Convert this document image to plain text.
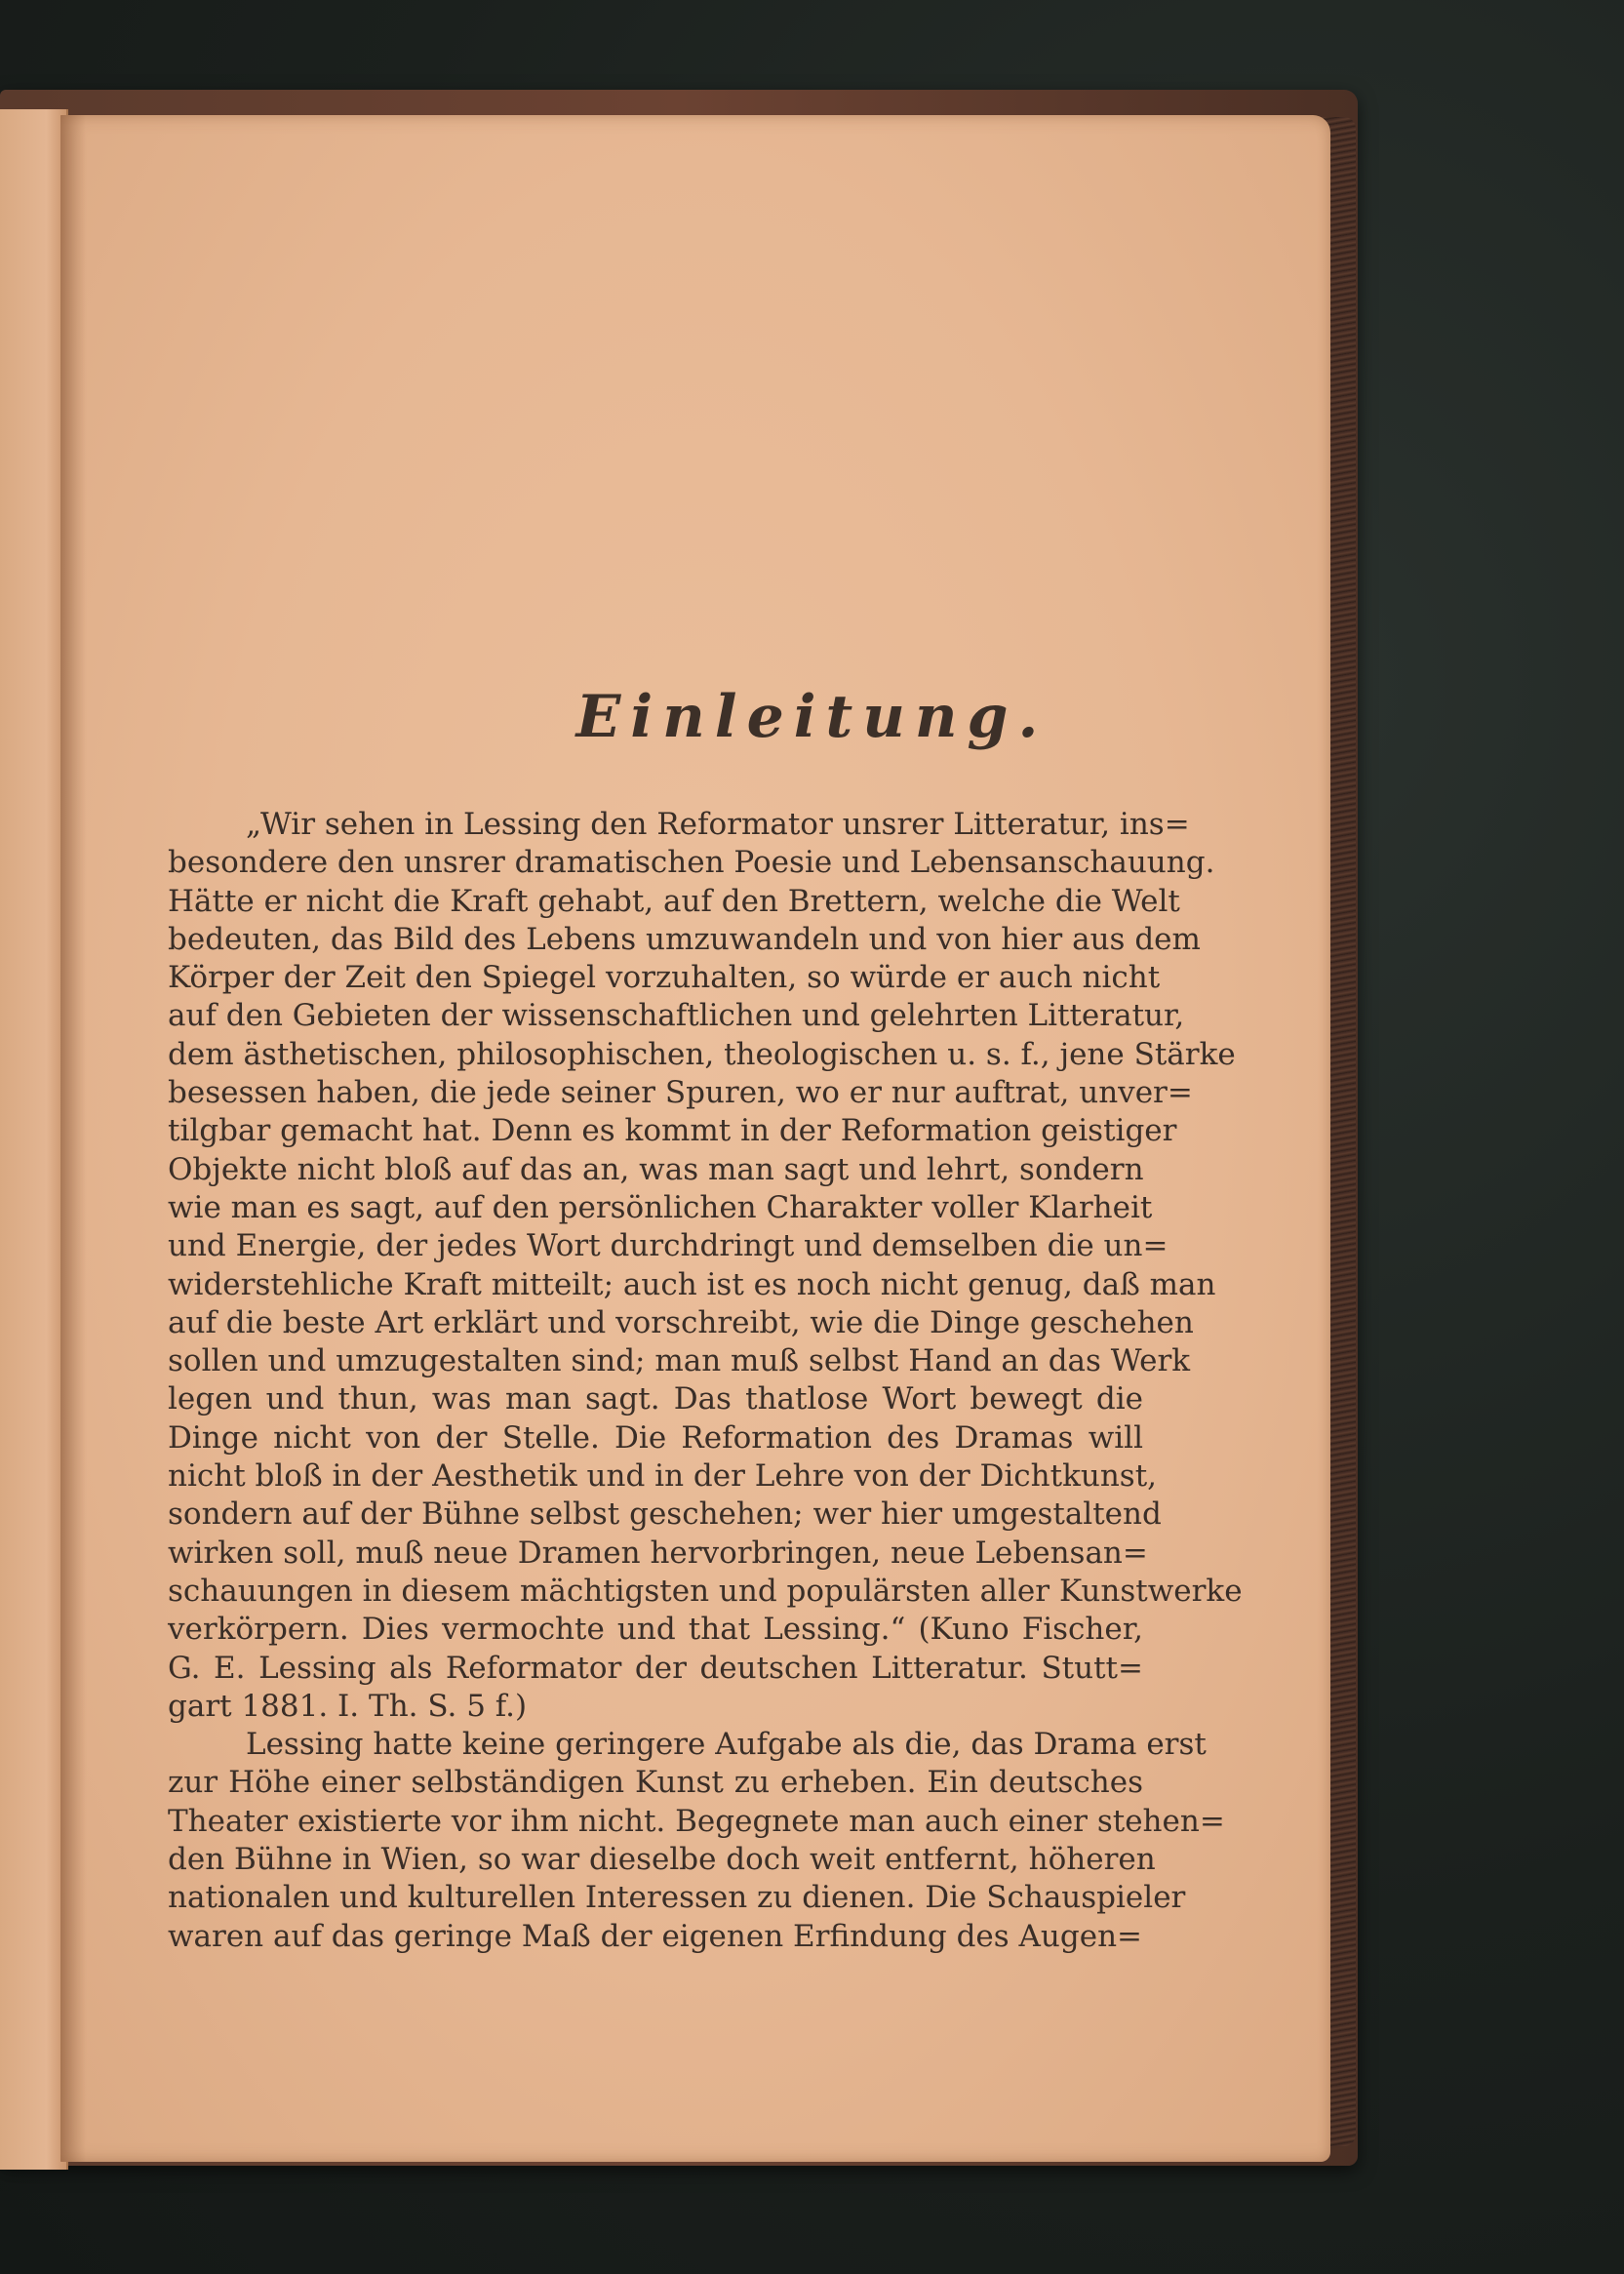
Einleitung.
„Wir sehen in Lessing den Reformator unsrer Litteratur, ins=
besondere den unsrer dramatischen Poesie und Lebensanschauung.
Hätte er nicht die Kraft gehabt, auf den Brettern, welche die Welt
bedeuten, das Bild des Lebens umzuwandeln und von hier aus dem
Körper der Zeit den Spiegel vorzuhalten, so würde er auch nicht
auf den Gebieten der wissenschaftlichen und gelehrten Litteratur,
dem ästhetischen, philosophischen, theologischen u. s. f., jene Stärke
besessen haben, die jede seiner Spuren, wo er nur auftrat, unver=
tilgbar gemacht hat. Denn es kommt in der Reformation geistiger
Objekte nicht bloß auf das an, was man sagt und lehrt, sondern
wie man es sagt, auf den persönlichen Charakter voller Klarheit
und Energie, der jedes Wort durchdringt und demselben die un=
widerstehliche Kraft mitteilt; auch ist es noch nicht genug, daß man
auf die beste Art erklärt und vorschreibt, wie die Dinge geschehen
sollen und umzugestalten sind; man muß selbst Hand an das Werk
legen und thun, was man sagt. Das thatlose Wort bewegt die
Dinge nicht von der Stelle. Die Reformation des Dramas will
nicht bloß in der Aesthetik und in der Lehre von der Dichtkunst,
sondern auf der Bühne selbst geschehen; wer hier umgestaltend
wirken soll, muß neue Dramen hervorbringen, neue Lebensan=
schauungen in diesem mächtigsten und populärsten aller Kunstwerke
verkörpern. Dies vermochte und that Lessing.“ (Kuno Fischer,
G. E. Lessing als Reformator der deutschen Litteratur. Stutt=
gart 1881. I. Th. S. 5 f.)
Lessing hatte keine geringere Aufgabe als die, das Drama erst
zur Höhe einer selbständigen Kunst zu erheben. Ein deutsches
Theater existierte vor ihm nicht. Begegnete man auch einer stehen=
den Bühne in Wien, so war dieselbe doch weit entfernt, höheren
nationalen und kulturellen Interessen zu dienen. Die Schauspieler
waren auf das geringe Maß der eigenen Erfindung des Augen=
